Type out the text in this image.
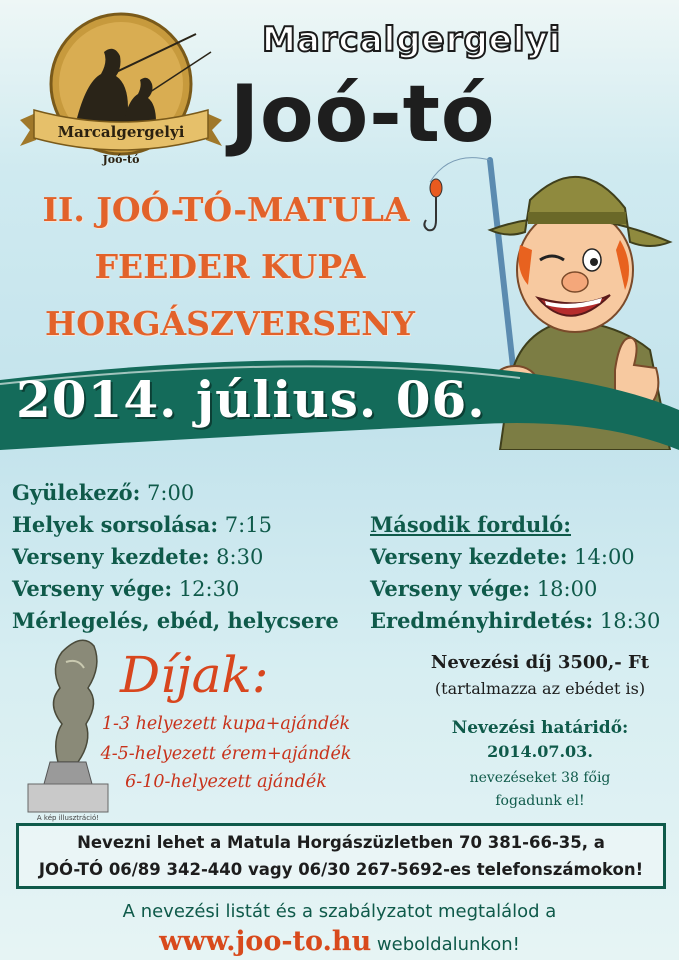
Marcalgergelyi
Joó-tó
Marcalgergelyi
Joó-tó
II. JOÓ-TÓ-MATULA
FEEDER KUPA
HORGÁSZVERSENY
2014. július. 06.
Gyülekező: 7:00
Helyek sorsolása: 7:15
Verseny kezdete: 8:30
Verseny vége: 12:30
Mérlegelés, ebéd, helycsere
Második forduló:
Verseny kezdete: 14:00
Verseny vége: 18:00
Eredményhirdetés: 18:30
A kép illusztráció!
Díjak:
1-3 helyezett kupa+ajándék
4-5-helyezett érem+ajándék
6-10-helyezett ajándék
Nevezési díj 3500,- Ft
(tartalmazza az ebédet is)
Nevezési határidő:
2014.07.03.
nevezéseket 38 főig
fogadunk el!
Nevezni lehet a Matula Horgászüzletben 70 381-66-35, a
JOÓ-TÓ 06/89 342-440 vagy 06/30 267-5692-es telefonszámokon!
A nevezési listát és a szabályzatot megtalálod a
www.joo-to.hu weboldalunkon!
